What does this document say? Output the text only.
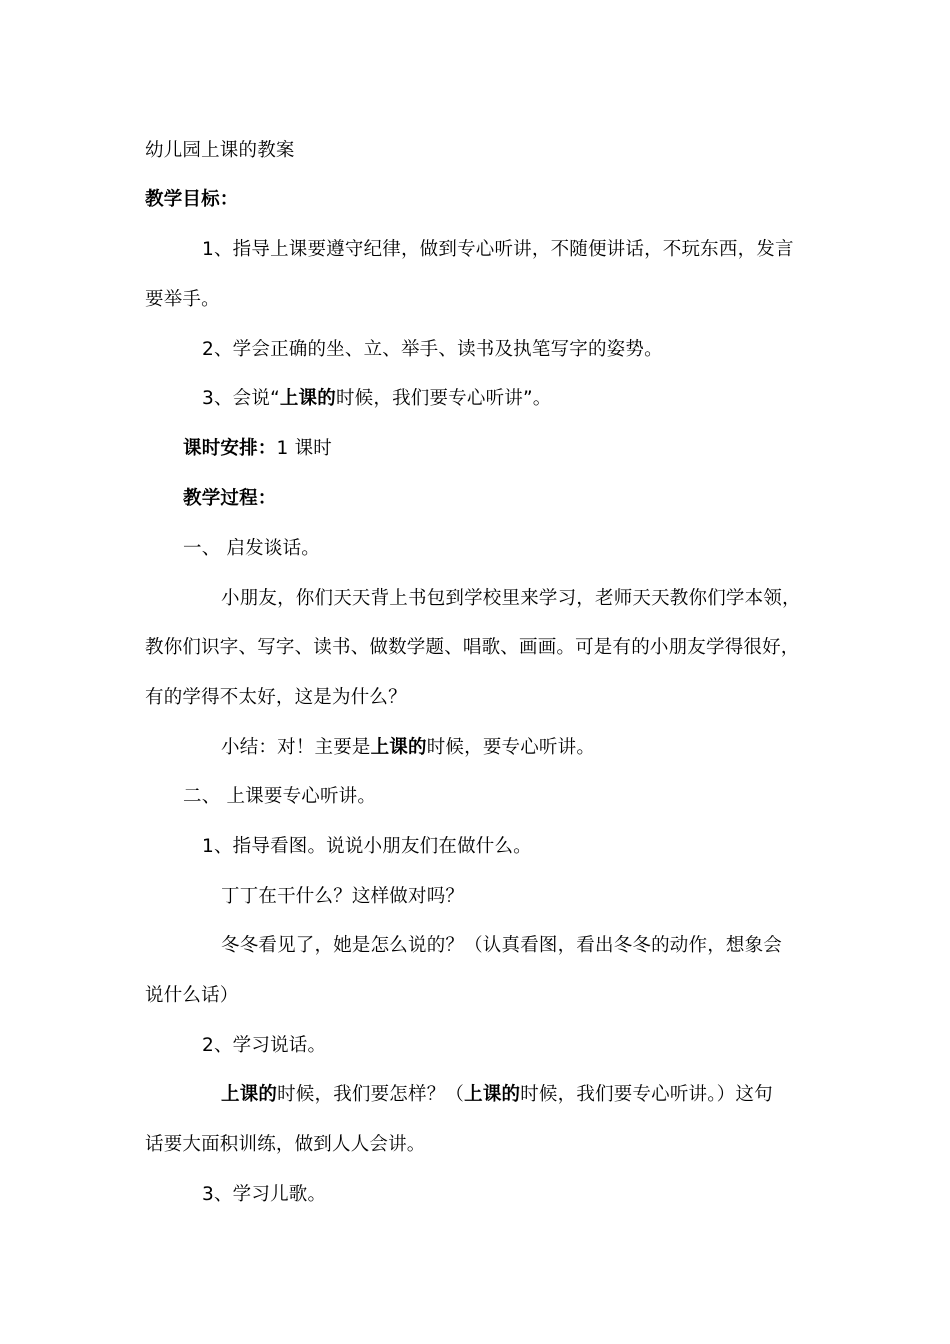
幼儿园上课的教案
教学目标：
1、指导上课要遵守纪律，做到专心听讲，不随便讲话，不玩东西，发言
要举手。
2、学会正确的坐、立、举手、读书及执笔写字的姿势。
3、会说“上课的时候，我们要专心听讲”。
课时安排：1 课时
教学过程：
一、 启发谈话。
小朋友，你们天天背上书包到学校里来学习，老师天天教你们学本领，
教你们识字、写字、读书、做数学题、唱歌、画画。可是有的小朋友学得很好，
有的学得不太好，这是为什么？
小结：对！主要是上课的时候，要专心听讲。
二、 上课要专心听讲。
1、指导看图。说说小朋友们在做什么。
丁丁在干什么？这样做对吗？
冬冬看见了，她是怎么说的？（认真看图，看出冬冬的动作，想象会
说什么话）
2、学习说话。
上课的时候，我们要怎样？（上课的时候，我们要专心听讲。）这句
话要大面积训练，做到人人会讲。
3、学习儿歌。
